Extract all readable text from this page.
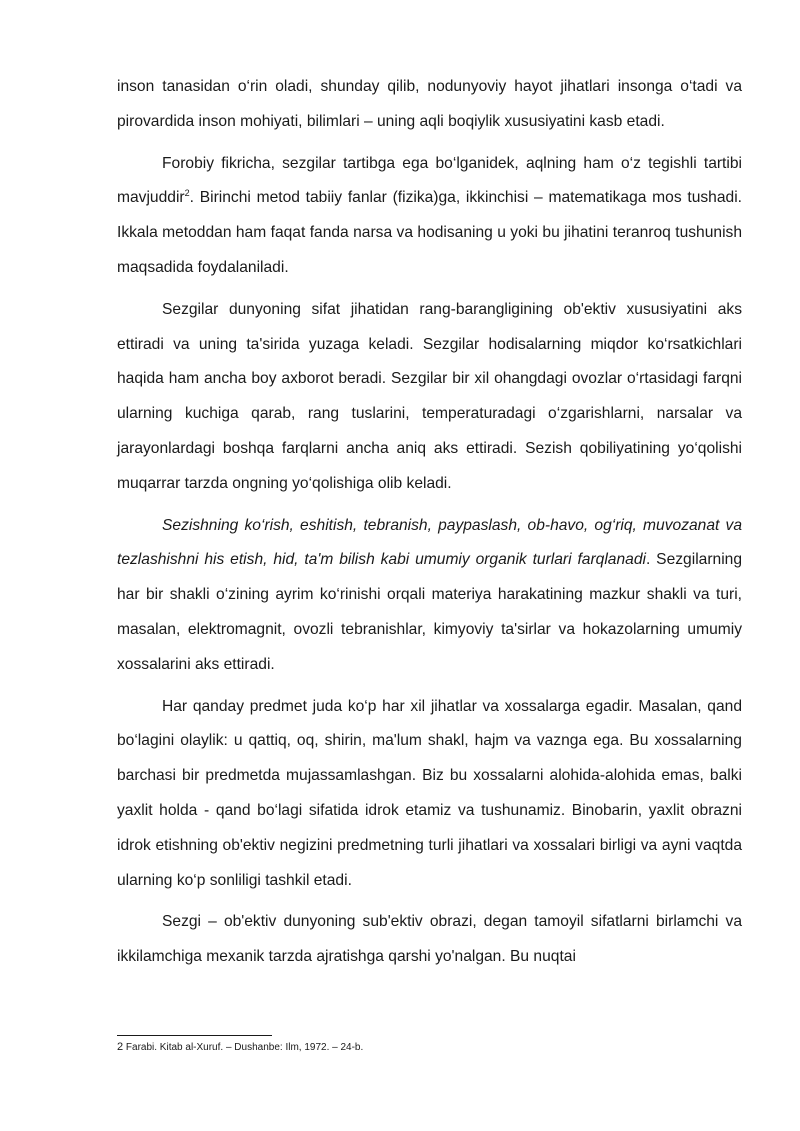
inson tanasidan o‘rin oladi, shunday qilib, nodunyoviy hayot jihatlari insonga o‘tadi va pirovardida inson mohiyati, bilimlari – uning aqli boqiylik xususiyatini kasb etadi.

Forobiy fikricha, sezgilar tartibga ega bo‘lganidek, aqlning ham o‘z tegishli tartibi mavjuddir$^2$. Birinchi metod tabiiy fanlar (fizika)ga, ikkinchisi – matematikaga mos tushadi. Ikkala metoddan ham faqat fanda narsa va hodisaning u yoki bu jihatini teranroq tushunish maqsadida foydalaniladi.

Sezgilar dunyoning sifat jihatidan rang-barangligining ob'ektiv xususiyatini aks ettiradi va uning ta'sirida yuzaga keladi. Sezgilar hodisalarning miqdor ko‘rsatkichlari haqida ham ancha boy axborot beradi. Sezgilar bir xil ohangdagi ovozlar o‘rtasidagi farqni ularning kuchiga qarab, rang tuslarini, temperaturadagi o‘zgarishlarni, narsalar va jarayonlardagi boshqa farqlarni ancha aniq aks ettiradi. Sezish qobiliyatining yo‘qolishi muqarrar tarzda ongning yo‘qolishiga olib keladi.

Sezishning ko‘rish, eshitish, tebranish, paypaslash, ob-havo, og‘riq, muvozanat va tezlashishni his etish, hid, ta'm bilish kabi umumiy organik turlari farqlanadi. Sezgilarning har bir shakli o‘zining ayrim ko‘rinishi orqali materiya harakatining mazkur shakli va turi, masalan, elektromagnit, ovozli tebranishlar, kimyoviy ta'sirlar va hokazolarning umumiy xossalarini aks ettiradi.

Har qanday predmet juda ko‘p har xil jihatlar va xossalarga egadir. Masalan, qand bo‘lagini olaylik: u qattiq, oq, shirin, ma'lum shakl, hajm va vaznga ega. Bu xossalarning barchasi bir predmetda mujassamlashgan. Biz bu xossalarni alohida-alohida emas, balki yaxlit holda - qand bo‘lagi sifatida idrok etamiz va tushunamiz. Binobarin, yaxlit obrazni idrok etishning ob'ektiv negizini predmetning turli jihatlari va xossalari birligi va ayni vaqtda ularning ko‘p sonliligi tashkil etadi.

Sezgi – ob'ektiv dunyoning sub'ektiv obrazi, degan tamoyil sifatlarni birlamchi va ikkilamchiga mexanik tarzda ajratishga qarshi yo'nalgan. Bu nuqtai

2 Farabi. Kitab al-Xuruf. – Dushanbe: Ilm, 1972. – 24-b.
